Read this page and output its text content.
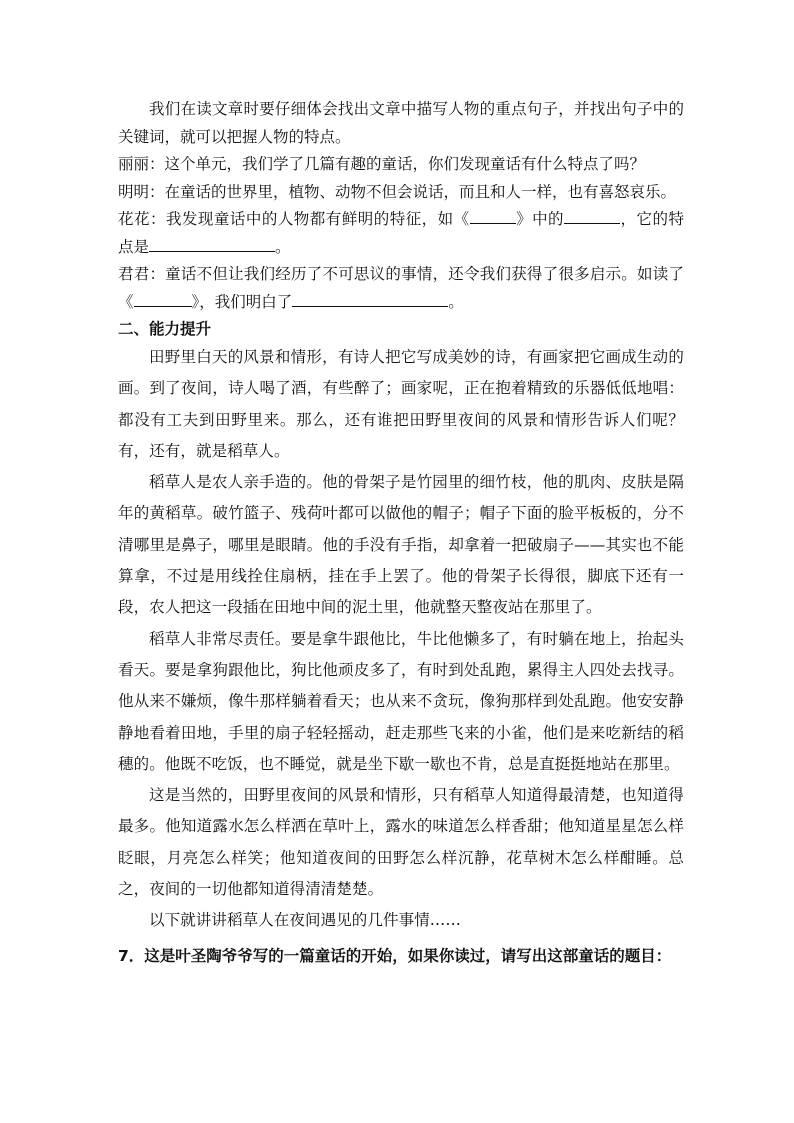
我们在读文章时要仔细体会找出文章中描写人物的重点句子，并找出句子中的关键词，就可以把握人物的特点。

丽丽：这个单元，我们学了几篇有趣的童话，你们发现童话有什么特点了吗？

明明：在童话的世界里，植物、动物不但会说话，而且和人一样，也有喜怒哀乐。

花花：我发现童话中的人物都有鲜明的特征，如《	》中的	，它的特点是	。

君君：童话不但让我们经历了不可思议的事情，还令我们获得了很多启示。如读了《	》，我们明白了	。

二、能力提升

田野里白天的风景和情形，有诗人把它写成美妙的诗，有画家把它画成生动的画。到了夜间，诗人喝了酒，有些醉了；画家呢，正在抱着精致的乐器低低地唱：都没有工夫到田野里来。那么，还有谁把田野里夜间的风景和情形告诉人们呢？有，还有，就是稻草人。

稻草人是农人亲手造的。他的骨架子是竹园里的细竹枝，他的肌肉、皮肤是隔年的黄稻草。破竹篮子、残荷叶都可以做他的帽子；帽子下面的脸平板板的，分不清哪里是鼻子，哪里是眼睛。他的手没有手指，却拿着一把破扇子——其实也不能算拿，不过是用线拴住扇柄，挂在手上罢了。他的骨架子长得很，脚底下还有一段，农人把这一段插在田地中间的泥土里，他就整天整夜站在那里了。

稻草人非常尽责任。要是拿牛跟他比，牛比他懒多了，有时躺在地上，抬起头看天。要是拿狗跟他比，狗比他顽皮多了，有时到处乱跑，累得主人四处去找寻。他从来不嫌烦，像牛那样躺着看天；也从来不贪玩，像狗那样到处乱跑。他安安静静地看着田地，手里的扇子轻轻摇动，赶走那些飞来的小雀，他们是来吃新结的稻穗的。他既不吃饭，也不睡觉，就是坐下歇一歇也不肯，总是直挺挺地站在那里。

这是当然的，田野里夜间的风景和情形，只有稻草人知道得最清楚，也知道得最多。他知道露水怎么样洒在草叶上，露水的味道怎么样香甜；他知道星星怎么样眨眼，月亮怎么样笑；他知道夜间的田野怎么样沉静，花草树木怎么样酣睡。总之，夜间的一切他都知道得清清楚楚。

以下就讲讲稻草人在夜间遇见的几件事情……

7．这是叶圣陶爷爷写的一篇童话的开始，如果你读过，请写出这部童话的题目：
